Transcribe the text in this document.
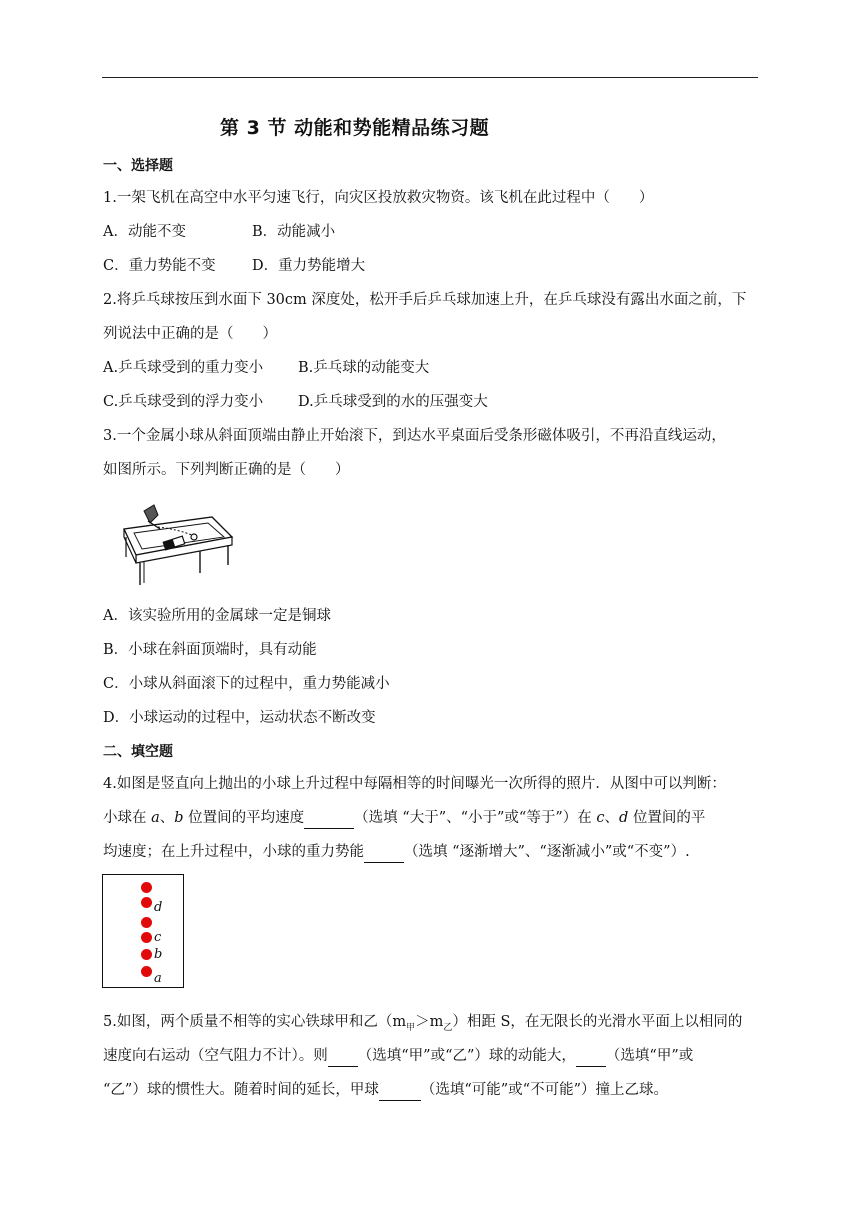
第 3 节 动能和势能精品练习题
一、选择题
1.一架飞机在高空中水平匀速飞行，向灾区投放救灾物资。该飞机在此过程中（　　）
A．动能不变	B．动能减小
C．重力势能不变	D．重力势能增大
2.将乒乓球按压到水面下 30cm 深度处，松开手后乒乓球加速上升，在乒乓球没有露出水面之前，下
列说法中正确的是（　　）
A.乒乓球受到的重力变小 B.乒乓球的动能变大
C.乒乓球受到的浮力变小 D.乒乓球受到的水的压强变大
3.一个金属小球从斜面顶端由静止开始滚下，到达水平桌面后受条形磁体吸引，不再沿直线运动，
如图所示。下列判断正确的是（　　）
A．该实验所用的金属球一定是铜球
B．小球在斜面顶端时，具有动能
C．小球从斜面滚下的过程中，重力势能减小
D．小球运动的过程中，运动状态不断改变
二、填空题
4.如图是竖直向上抛出的小球上升过程中每隔相等的时间曝光一次所得的照片．从图中可以判断：
小球在 a、b 位置间的平均速度	（选填 “大于”、“小于”或“等于”）在 c、d 位置间的平
均速度；在上升过程中，小球的重力势能	（选填 “逐渐增大”、“逐渐减小”或“不变”）.
d
c
b
a
5.如图，两个质量不相等的实心铁球甲和乙$(m_甲>m_乙)$相距 S，在无限长的光滑水平面上以相同的
速度向右运动（空气阻力不计）。则 （选填“甲”或“乙”）球的动能大， （选填“甲”或
“乙”）球的惯性大。随着时间的延长，甲球	（选填“可能”或“不可能”）撞上乙球。
